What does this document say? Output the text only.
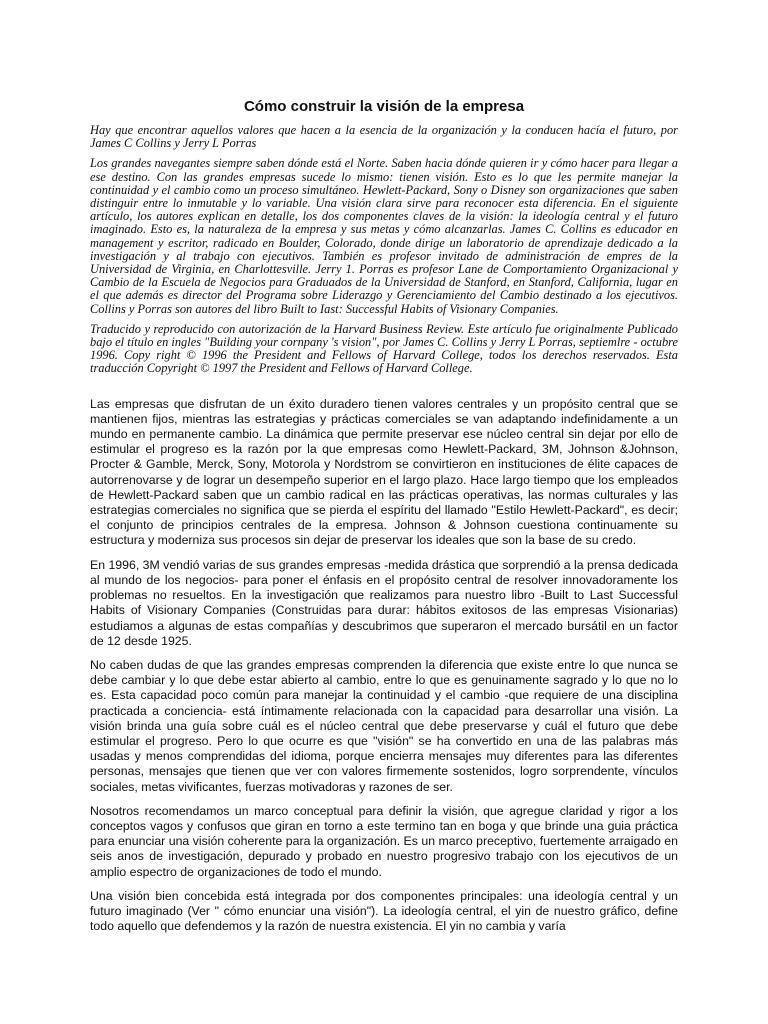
Cómo construir la visión de la empresa

Hay que encontrar aquellos valores que hacen a la esencia de la organización y la conducen hacía el futuro, por James C Collins y Jerry L Porras

Los grandes navegantes siempre saben dónde está el Norte. Saben hacia dónde quieren ir y cómo hacer para llegar a ese destino. Con las grandes empresas sucede lo mismo: tienen visión. Esto es lo que les permite manejar la continuidad y el cambio como un proceso simultáneo. Hewlett-Packard, Sony o Disney son organizaciones que saben distinguir entre lo inmutable y lo variable. Una visión clara sirve para reconocer esta diferencia. En el siguiente artículo, los autores explican en detalle, los dos componentes claves de la visión: la ideología central y el futuro imaginado. Esto es, la naturaleza de la empresa y sus metas y cómo alcanzarlas. James C. Collins es educador en management y escritor, radicado en Boulder, Colorado, donde dirige un laboratorio de aprendizaje dedicado a la investigación y al trabajo con ejecutivos. También es profesor invitado de administración de empres de la Universidad de Virginia, en Charlottesville. Jerry 1. Porras es profesor Lane de Comportamiento Organizacional y Cambio de la Escuela de Negocios para Graduados de la Universidad de Stanford, en Stanford, California, lugar en el que además es director del Programa sobre Liderazgo y Gerenciamiento del Cambio destinado a los ejecutivos. Collins y Porras son autores del libro Built to Iast: Successful Habits of Visionary Companies.

Traducido y reproducido con autorización de la Harvard Business Review. Este artículo fue originalmente Publicado bajo el título en ingles "Building your cornpany 's vision", por James C. Collins y Jerry L Porras, septiemlre - octubre 1996. Copy right © 1996 the President and Fellows of Harvard College, todos los derechos reservados. Esta traducción Copyright © 1997 the President and Fellows of Harvard College.

Las empresas que disfrutan de un éxito duradero tienen valores centrales y un propósito central que se mantienen fijos, mientras las estrategias y prácticas comerciales se van adaptando indefinidamente a un mundo en permanente cambio. La dinámica que permite preservar ese núcleo central sin dejar por ello de estimular el progreso es la razón por la que empresas como Hewlett-Packard, 3M, Johnson &Johnson, Procter & Gamble, Merck, Sony, Motorola y Nordstrom se convirtieron en instituciones de élite capaces de autorrenovarse y de lograr un desempeño superior en el largo plazo. Hace largo tiempo que los empleados de Hewlett-Packard saben que un cambio radical en las prácticas operativas, las normas culturales y las estrategias comerciales no significa que se pierda el espíritu del llamado "Estilo Hewlett-Packard", es decir; el conjunto de principios centrales de la empresa. Johnson & Johnson cuestiona continuamente su estructura y moderniza sus procesos sin dejar de preservar los ideales que son la base de su credo.

En 1996, 3M vendió varias de sus grandes empresas -medida drástica que sorprendió a la prensa dedicada al mundo de los negocios- para poner el énfasis en el propósito central de resolver innovadoramente los problemas no resueltos. En la investigación que realizamos para nuestro libro -Built to Last Successful Habits of Visionary Companies (Construidas para durar: hábitos exitosos de las empresas Visionarias) estudiamos a algunas de estas compañías y descubrimos que superaron el mercado bursátil en un factor de 12 desde 1925.

No caben dudas de que las grandes empresas comprenden la diferencia que existe entre lo que nunca se debe cambiar y lo que debe estar abierto al cambio, entre lo que es genuinamente sagrado y lo que no lo es. Esta capacidad poco común para manejar la continuidad y el cambio -que requiere de una disciplina practicada a conciencia- está íntimamente relacionada con la capacidad para desarrollar una visión. La visión brinda una guía sobre cuál es el núcleo central que debe preservarse y cuál el futuro que debe estimular el progreso. Pero lo que ocurre es que "visión" se ha convertido en una de las palabras más usadas y menos comprendidas del idioma, porque encierra mensajes muy diferentes para las diferentes personas, mensajes que tienen que ver con valores firmemente sostenidos, logro sorprendente, vínculos sociales, metas vivificantes, fuerzas motivadoras y razones de ser.

Nosotros recomendamos un marco conceptual para definir la visión, que agregue claridad y rigor a los conceptos vagos y confusos que giran en torno a este termino tan en boga y que brinde una guia práctica para enunciar una visión coherente para la organización. Es un marco preceptivo, fuertemente arraigado en seis anos de investigación, depurado y probado en nuestro progresivo trabajo con los ejecutivos de un amplio espectro de organizaciones de todo el mundo.

Una visión bien concebida está integrada por dos componentes principales: una ideología central y un futuro imaginado (Ver " cómo enunciar una visión"). La ideología central, el yin de nuestro gráfico, define todo aquello que defendemos y la razón de nuestra existencia. El yin no cambia y varía
